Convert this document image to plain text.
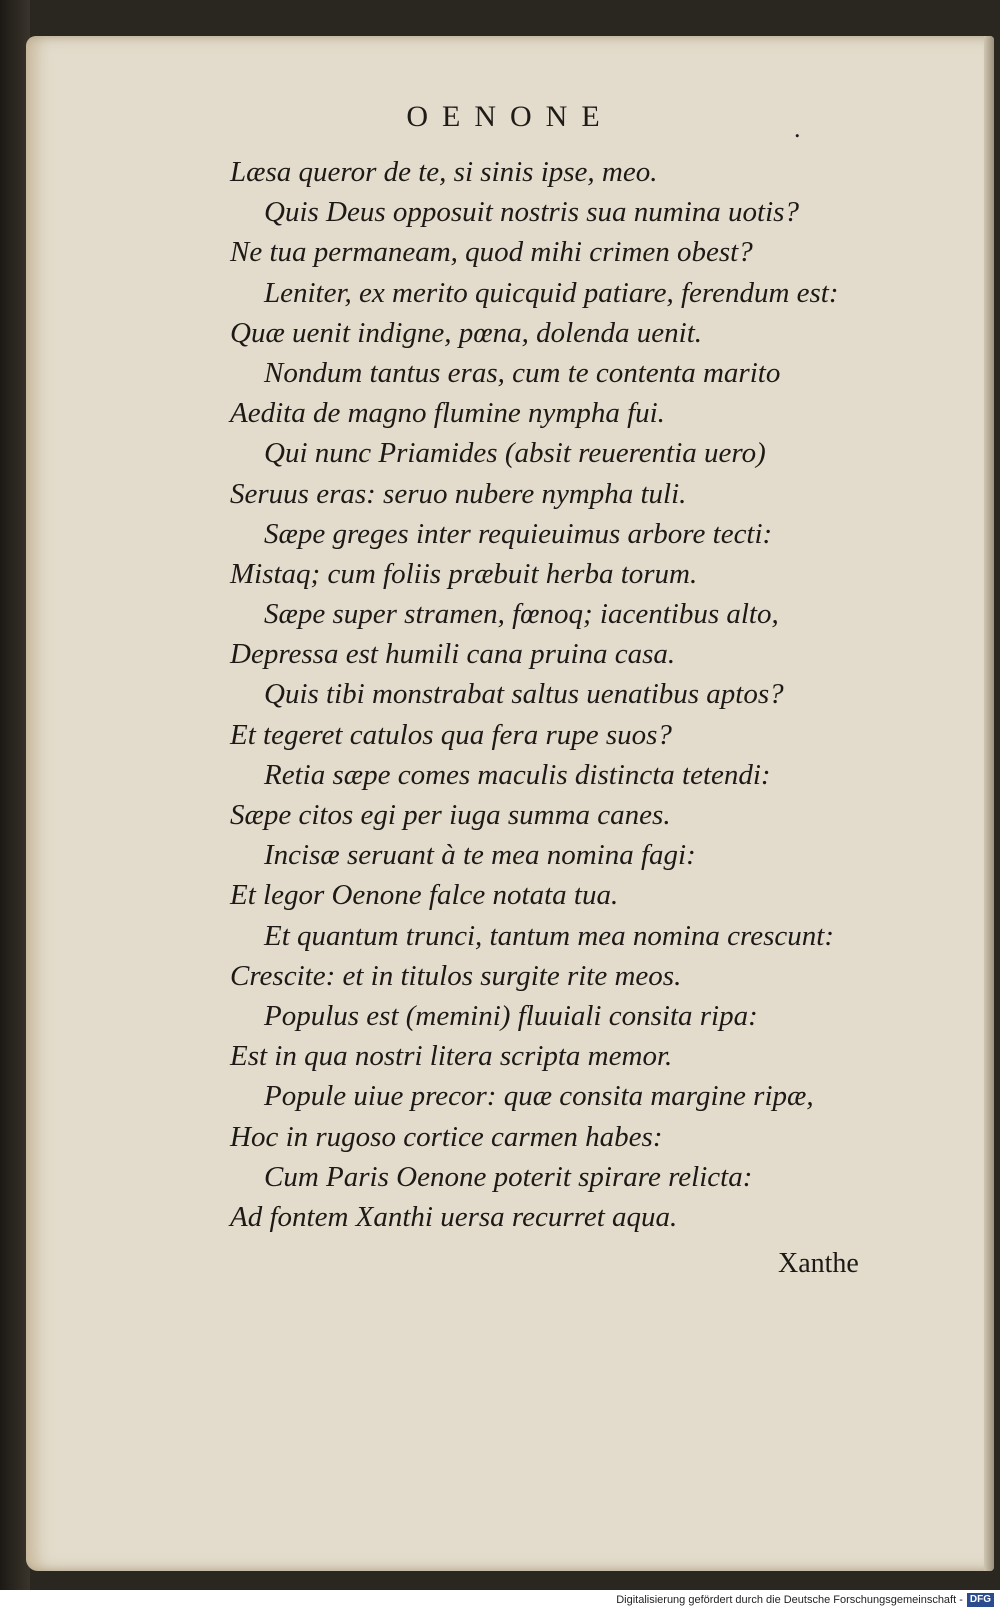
OENONE	.
Læsa queror de te, si sinis ipse, meo.
Quis Deus opposuit nostris sua numina uotis?
Ne tua permaneam, quod mihi crimen obest?
Leniter, ex merito quicquid patiare, ferendum est:
Quæ uenit indigne, pœna, dolenda uenit.
Nondum tantus eras, cum te contenta marito
Aedita de magno flumine nympha fui.
Qui nunc Priamides (absit reuerentia uero)
Seruus eras: seruo nubere nympha tuli.
Sæpe greges inter requieuimus arbore tecti:
Mistaq; cum foliis præbuit herba torum.
Sæpe super stramen, fœnoq; iacentibus alto,
Depressa est humili cana pruina casa.
Quis tibi monstrabat saltus uenatibus aptos?
Et tegeret catulos qua fera rupe suos?
Retia sæpe comes maculis distincta tetendi:
Sæpe citos egi per iuga summa canes.
Incisæ seruant à te mea nomina fagi:
Et legor Oenone falce notata tua.
Et quantum trunci, tantum mea nomina crescunt:
Crescite: et in titulos surgite rite meos.
Populus est (memini) fluuiali consita ripa:
Est in qua nostri litera scripta memor.
Popule uiue precor: quæ consita margine ripæ,
Hoc in rugoso cortice carmen habes:
Cum Paris Oenone poterit spirare relicta:
Ad fontem Xanthi uersa recurret aqua.
Xanthe
Digitalisierung gefördert durch die Deutsche Forschungsgemeinschaft - DFG
